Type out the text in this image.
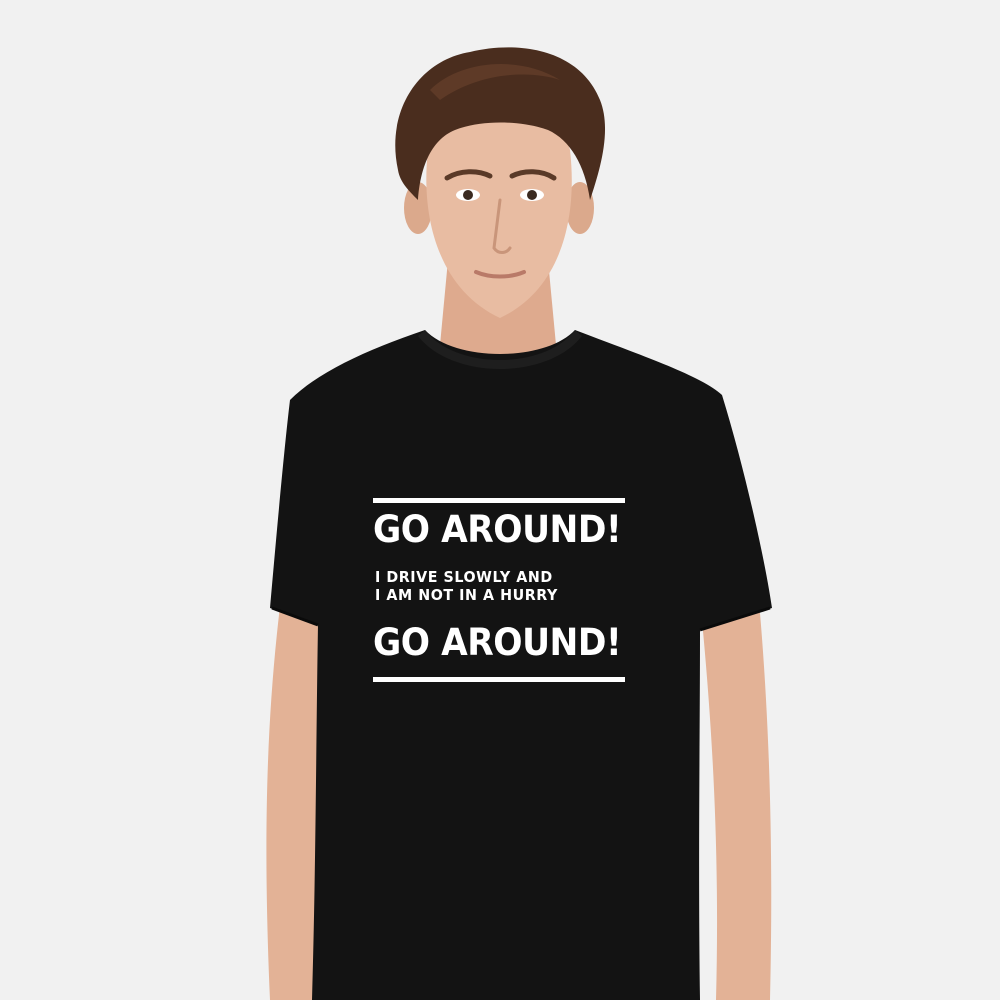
GO AROUND!
I DRIVE SLOWLY AND
I AM NOT IN A HURRY
GO AROUND!
